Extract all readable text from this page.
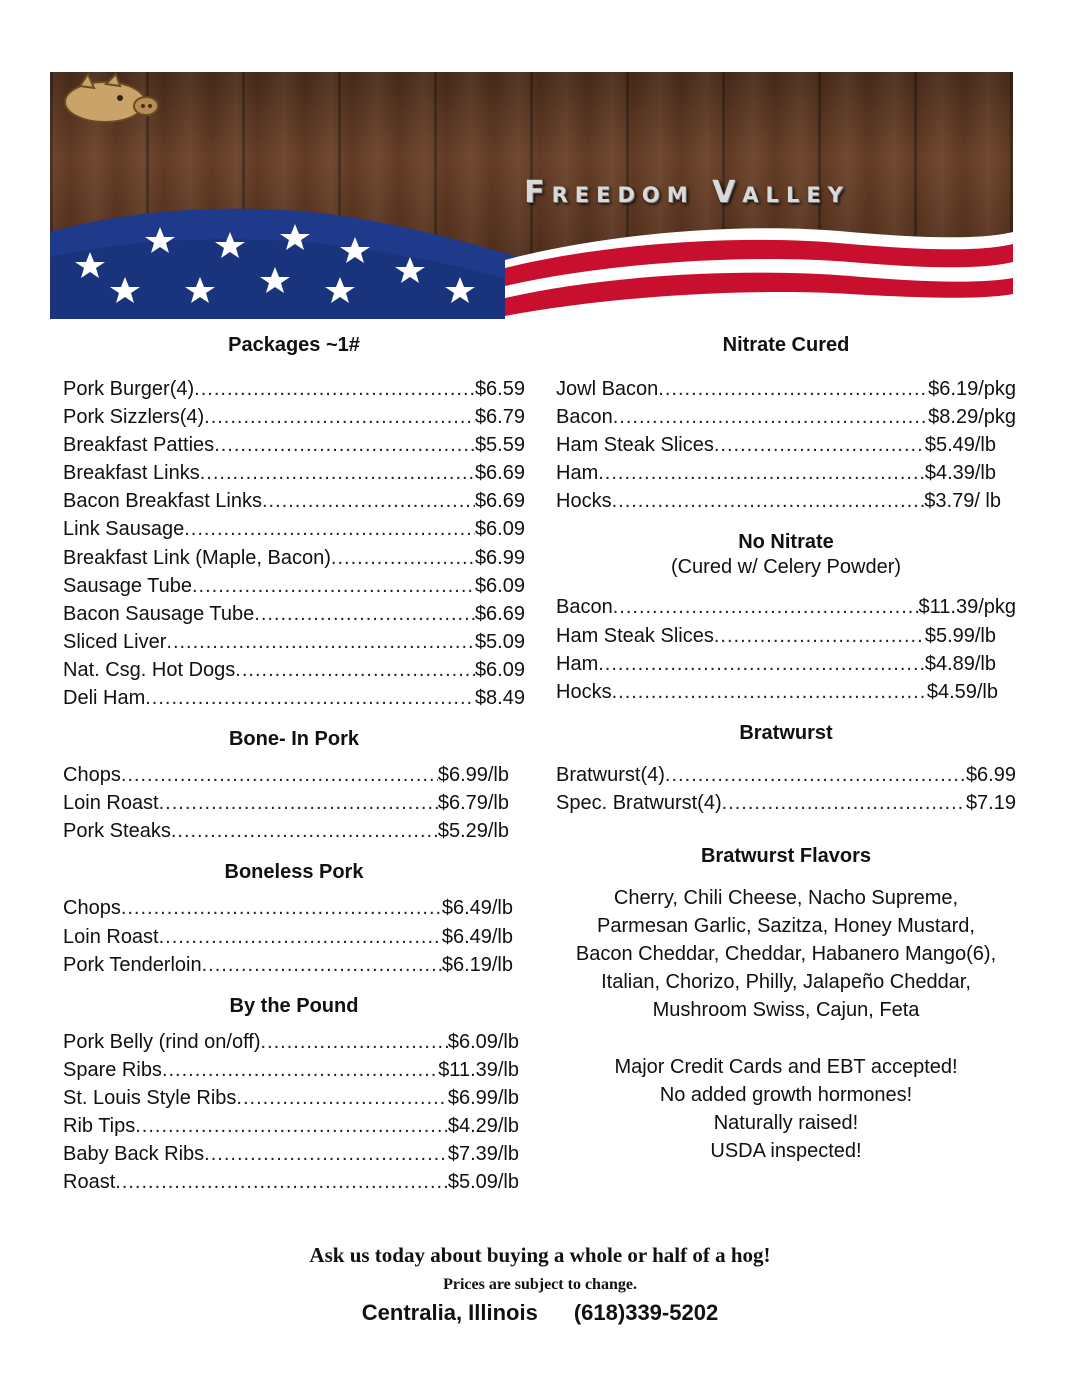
Freedom Valley
Packages ~1#
Pork Burger(4) .....	$6.59
Pork Sizzlers(4) .....	$6.79
Breakfast Patties .....	$5.59
Breakfast Links .....	$6.69
Bacon Breakfast Links .....	$6.69
Link Sausage .....	$6.09
Breakfast Link (Maple, Bacon) .....	$6.99
Sausage Tube .....	$6.09
Bacon Sausage Tube .....	$6.69
Sliced Liver .....	$5.09
Nat. Csg. Hot Dogs .....	$6.09
Deli Ham .....	$8.49
Bone- In Pork
Chops .....	$6.99/lb
Loin Roast .....	$6.79/lb
Pork Steaks .....	$5.29/lb
Boneless Pork
Chops .....	$6.49/lb
Loin Roast .....	$6.49/lb
Pork Tenderloin .....	$6.19/lb
By the Pound
Pork Belly (rind on/off) .....	$6.09/lb
Spare Ribs .....	$11.39/lb
St. Louis Style Ribs .....	$6.99/lb
Rib Tips .....	$4.29/lb
Baby Back Ribs .....	$7.39/lb
Roast .....	$5.09/lb
Nitrate Cured
Jowl Bacon .....	$6.19/pkg
Bacon .....	$8.29/pkg
Ham Steak Slices .....	$5.49/lb
Ham .....	$4.39/lb
Hocks .....	$3.79/ lb
No Nitrate

(Cured w/ Celery Powder)

Bacon .....	$11.39/pkg
Ham Steak Slices .....	$5.99/lb
Ham .....	$4.89/lb
Hocks .....	$4.59/lb
Bratwurst
Bratwurst(4) .....	$6.99
Spec. Bratwurst(4) .....	$7.19
Bratwurst Flavors
Cherry, Chili Cheese, Nacho Supreme,
Parmesan Garlic, Sazitza, Honey Mustard,
Bacon Cheddar, Cheddar, Habanero Mango(6),
Italian, Chorizo, Philly, Jalapeño Cheddar,
Mushroom Swiss, Cajun, Feta
Major Credit Cards and EBT accepted!
No added growth hormones!
Naturally raised!
USDA inspected!
Ask us today about buying a whole or half of a hog!
Prices are subject to change.
Centralia, Illinois (618)339-5202
